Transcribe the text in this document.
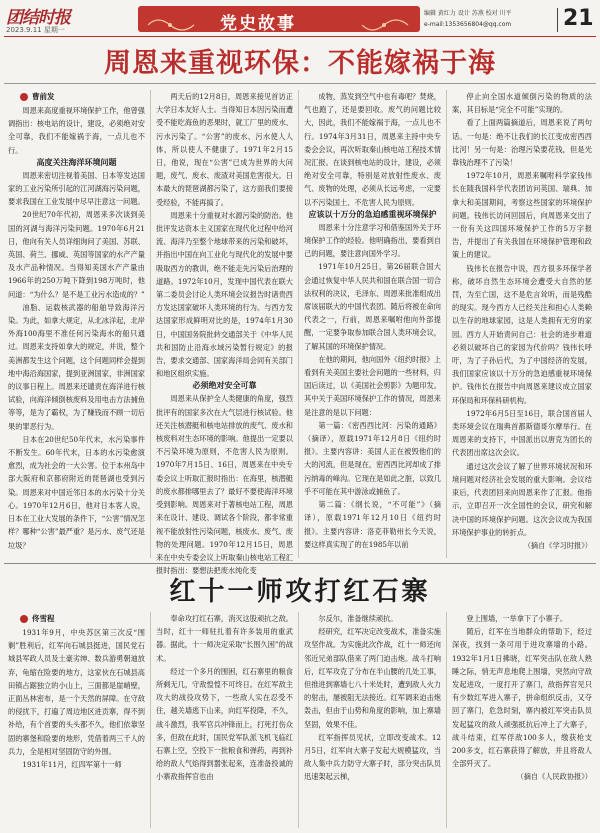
团结时报
2023.9.11 星期一	党史故事
编辑 黄红力 设计 苏燕 校对 川平
e-mail:1353656804@qq.com 21
周恩来重视环保：不能嫁祸于海
曹前发

周恩来高度重视环境保护工作，他曾强调指出：核电站的设计，建设，必须绝对安全可靠，我们不能嫁祸于海，一点儿也不行。

高度关注海洋环境问题

周恩来密切注视着美国、日本等发达国家的工业污染所引起的江河湖海污染问题，要求我国在工业发展中尽早注意这一问题。

20世纪70年代初，周恩来多次谈到美国的河湖与海洋污染问题。1970年6月21日，他向有关人员详细询问了美国、苏联、英国、荷兰、挪威、英国等国家的水产产量及水产品种情况。当得知美国水产产量由1966年的250万吨下降到198万吨时，他问道：“为什么？是不是工业污水造成的？”

油脂、运载核武器的船舶导致海洋污染。为此，如拿大规定，从北冰洋起，北岸外海100海里不准任何污染海水的船只通过。周恩来支持如拿大的规定，并说，整个美洲都发生这个问题，这个问题同样会提到地中海沿海国家，提到亚洲国家，非洲国家的议事日程上。周恩来还谴责在海洋进行核试验，向海洋倾倒核废料及用电击方法捕鱼等等，是为了霸权，为了赚钱而不顾一切后果的罪恶行为。

日本在20世纪50年代末，水污染事件不断发生。60年代末，日本的水污染愈演愈烈，成为社会的一大公害。位于本州岛中部大阪府和京都府附近的琵琶湖也受到污染。周恩来对中国近邻日本的水污染十分关心。1970年12月6日，他对日本客人说，日本在工业大发展的条件下，“公害”情况怎样？哪种“公害”最严重？是污水、废气还是垃圾？

两天后的12月8日，周恩来接见首访正大学日本友好人士。当得知日本因污染而遭受不能吃海鱼的恶果时，就工厂里的废水、污水污染了。“公害”的废水、污水使人人体，所以使人不健康了。1971年2月15日，他说，现在“公害”已成为世界的大问题，废气、废水、废渣对美国危害很大。日本最大的琵琶湖都污染了，这方面我们要接受经验，不能再搞了。

周恩来十分重视对水源污染的防治。他批评发达资本主义国家在现代化过程中给河流、海洋乃至整个地球带来的污染和破坏，并指出中国在向工业化与现代化的发展中要吸取西方的教训，绝不能走先污染后治理的道路。1972年10月，发现中国代表在联大第二委员会讨论人类环境会议报告时诸贵西方发达国家破坏人类环境的行为。与西方发达国家形成鲜明对比的是，1974年1月30日，中国国务院批转交通部关于《中华人民共和国防止沿海水域污染暂行规定》的报告，要求交通部、国家海洋局会同有关部门和地区组织实施。

必须绝对安全可靠

周恩来从保护全人类健康的角度，强烈批评有的国家多次在大气层进行核试验。他还关注核潜艇和核电站排放的废气、废水和核废料对生态环境的影响。他提出一定要以不污染环境为原则，不危害人民为原则。1970年7月15日、16日，周恩来在中央专委会议上听取汇报时指出：在海里，核潜艇的废水都排哪里去了？最好不要使海洋环境受到影响。周恩来对于著核电站工程，周恩来在设计、建设、调试各个阶段，都非常重视不能放射性污染问题，核废水、废气、废物的处理问题。1970年12月15日，周恩来在中央专委会议上听取秦山核电站工程汇报时指出：要想法把废水纯化变

成物，蒸发到空气中也有毒吧？焚烧，气也跑了，还是要回收。废气的问题比较大，因此，我们不能嫁祸于海，一点儿也不行。1974年3月31日，周恩来主持中央专委会会议，再次听取秦山核电站工程技术情况汇报。在谈到核电站的设计，建设，必须绝对安全可靠，特别是对放射性废水、废气、废物的处理，必须从长远考虑，一定要以不污染国土、不危害人民为原则。

应该以十万分的急迫感重视环境保护

周恩来十分注意学习和借鉴国外关于环境保护工作的经验。他明确指出，要看到自己的问题，要注意向国外学习。

1971年10月25日，第26届联合国大会通过恢复中华人民共和国在联合国一切合法权利的决议，毛泽东、周恩来批准组成出席该届联大的中国代表团。随后将被在命向代表之一，行前，周恩来嘱咐他向外部提醒，一定要争取参加联合国人类环境会议，了解其国的环境保护情况。

在他的期间，他向国外《纽约时报》上看到有关美国主要社会问题的一些材料，归国后读过，以《美国社会剪影》为题印发。其中关于美国环境保护工作的情况，周恩来是注意的是以下问题：

第一篇：《密西西比河：污染的通路》（摘译），原载1971年12月8日《纽约时报》。主要内容讲：美国人正在被毁他们的大的河流，但是现在，密西西比河却成了排污纳毒的峰沟。它现在是如此之脏，以致几乎不可能在其中游泳或捕鱼了。

第二篇：《纲长说，“不可能”》（摘译），原载1971年12月10日《纽约时报》。主要内容讲：洛克菲勒州长今天说，要这样真实现了的在1985年以前

停止向全国水道倾倒污染的物质的法案，其目标是“完全不可能”实现的。

看了上面两篇摘道后，周恩来说了两句话。一句是：绝不让我们的长江变成密西西比河！另一句是：治理污染要花钱，但是光靠钱治理不了污染！

1972年10月，周恩来嘱咐科学家钱伟长在随我国科学代表团访问英国、瑞典、加拿大和美国期间，考察这些国家的环境保护问题。钱伟长访问回国后，向周恩来交出了一份有关这四国环境保护工作的5万字报告，并提出了有关我国在环境保护管理和政策上的建议。

钱伟长在报告中说，西方很多环保学者称，破坏自然生态环境会遭受大自然的惩罚，为至亡国，这不是危言耸听，而是残酷的现实。现今西方人已经关注和担心人类赖以生存的地球家园，这是人类拥有无穷的家园。西方人开始责问自己：社会的进步难道必须以破坏自己的家园为代价吗？钱伟长呼吁，为了子孙后代，为了中国经济的发展，我们国家应该以十万分的急迫感重视环境保护。钱伟长在报告中向周恩来建议成立国家环保局和环保科研机构。

1972年6月5日至16日，联合国首届人类环境会议在瑞典首都斯德哥尔摩举行。在周恩来的支持下，中国派出以唐克为团长的代表团出席这次会议。

通过这次会议了解了世界环境状况和环境问题对经济社会发展的重大影响。会议结束后，代表团回来向周恩来作了汇报。他指示，立即召开一次全国性的会议，研究和解决中国的环境保护问题。这次会议成为我国环境保护事业的转折点。

（摘自《学习时报》）

红十一师攻打红石寨
佟雪程

1931年9月，中央苏区第三次反“围剿”胜利后，红军向石城县挺进，国民党石城县军政人员及土豪劣绅、数兵游勇朝迪放弃，龟缩在险要的地方，这家伙在石城县高田镇占踞独立的小山上，三面都是崖峭壁，正面丛林密布，是一个天然的屏障。在守敌的侵扰下，打遍了周边地区进贡寨，得不到补给，有个首要的头头都不久，他们依靠坚固的寨堡和险要的地形，凭借着两三千人的兵力，全是相对坚固防守的外围。

1931年11月，红四军第十一师

奉命攻打红石寨，消灭这股顽抗之敌。当时，红十一师驻扎着有许多装用的重武器。据此，十一师决定采取“长围久困”的战术。

经过一个多月的围困，红石寨里的粮食所剩无几，守敌惶惶不可终日。在红军敌主攻大的战役攻势下，一些敌人实在忍受不住，越关墙逃下山来，向红军投降，不久，战斗激烈，我军官兵冲锋而上，打死打伤众多，但敌在此时，国民党军队派飞机飞临红石寨上空，空投下一批粮食和弹药，再到补给的敌人气焰得到嚣张起来，连准备投诚的小寨敌指挥官也由

尔反尔，准备继续顽抗。

经研究，红军决定改变战术，准备实施攻坚作战。为实施此次作战，红十一师还向邻近兄弟部队借来了两门迫击炮。战斗打响后，红军攻克了分布在半山腰的几处工事，但推进到寨墙七八十米处时，遭到敌人火力的射击，屡被阻无法接近。红军调来迫击炮轰击，但由于山势和角度的影响，加上寨墙坚固，效果不佳。

红军指挥员见状，立即改变战术。12月5日，红军向大寨子发起大规模猛攻，当敌人集中兵力防守大寨子时，部分突击队员迅速架起云梯，

登上围墙，一举拿下了小寨子。

随后，红军在当地群众的帮助下，经过深夜，找到一条可用于进攻寨墙的小路。1932年1月1日拂晓，红军突击队在敌人熟睡之际，悄无声息地爬上围墙，突然向守敌发起进攻，一度打开了寨门，敌指挥官见只有少数红军进入寨子，拼命组织反击，又夺回了寨门，危急时刻，寨内被红军突击队员发起猛攻的敌人顽强抵抗后冲上了大寨子，战斗结束，红军俘敌100多人，缴获枪支200多支，红石寨获得了解放，并且将敌人全部歼灭了。

（摘自《人民政协报》）
